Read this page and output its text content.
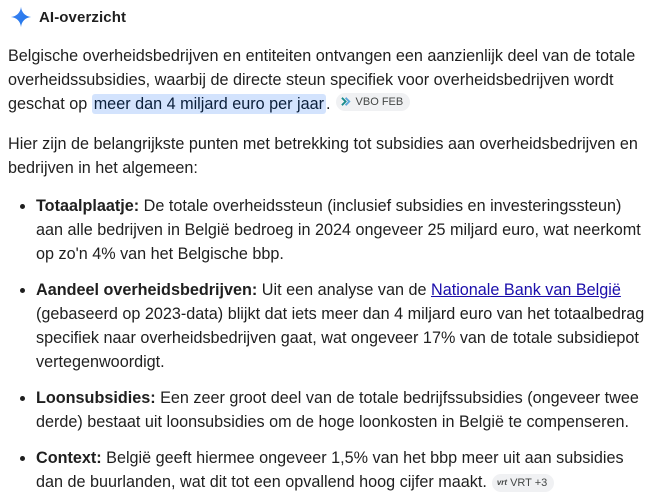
AI-overzicht

Belgische overheidsbedrijven en entiteiten ontvangen een aanzienlijk deel van de totale overheidssubsidies, waarbij de directe steun specifiek voor overheidsbedrijven wordt geschat op meer dan 4 miljard euro per jaar . VBO FEB

Hier zijn de belangrijkste punten met betrekking tot subsidies aan overheidsbedrijven en bedrijven in het algemeen:

Totaalplaatje: De totale overheidssteun (inclusief subsidies en investeringssteun) aan alle bedrijven in België bedroeg in 2024 ongeveer 25 miljard euro, wat neerkomt op zo'n 4% van het Belgische bbp.
Aandeel overheidsbedrijven: Uit een analyse van de Nationale Bank van België (gebaseerd op 2023-data) blijkt dat iets meer dan 4 miljard euro van het totaalbedrag specifiek naar overheidsbedrijven gaat, wat ongeveer 17% van de totale subsidiepot vertegenwoordigt.
Loonsubsidies: Een zeer groot deel van de totale bedrijfssubsidies (ongeveer twee derde) bestaat uit loonsubsidies om de hoge loonkosten in België te compenseren.
Context: België geeft hiermee ongeveer 1,5% van het bbp meer uit aan subsidies dan de buurlanden, wat dit tot een opvallend hoog cijfer maakt. vrt VRT +3
